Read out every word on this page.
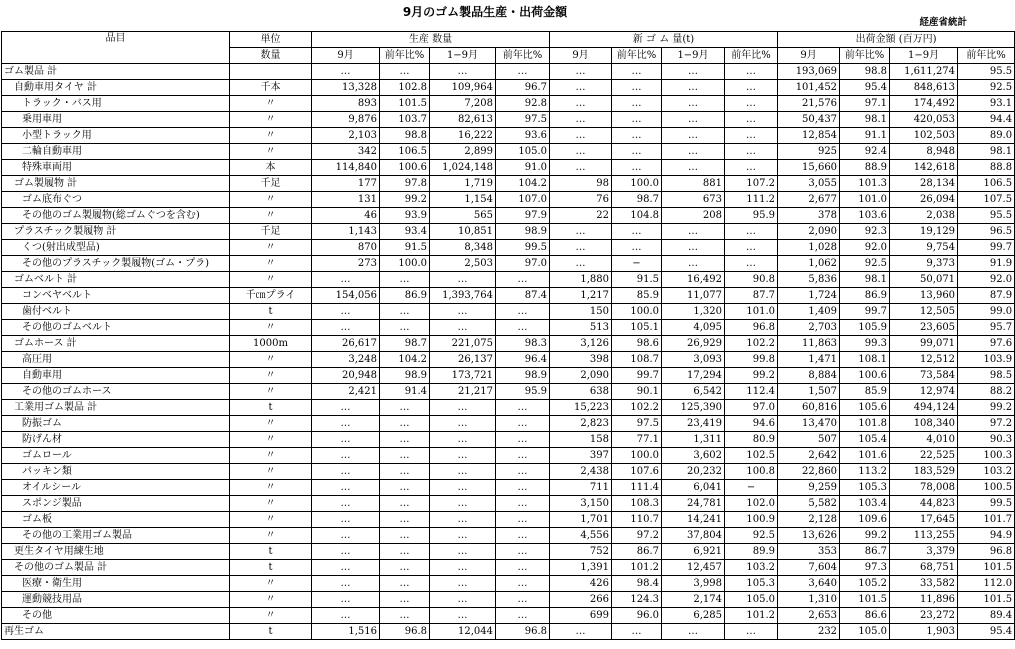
9月のゴム製品生産・出荷金額
経産省統計
品目	単位	生産 数量				新 ゴ ム 量(t)				出荷金額 (百万円)			
	数量	9月	前年比%	1−9月	前年比%	9月	前年比%	1−9月	前年比%	9月	前年比%	1−9月	前年比%
ゴム製品 計		…	…	…	…	…	…	…	…	193,069	98.8	1,611,274	95.5
自動車用タイヤ 計	千本	13,328	102.8	109,964	96.7	…	…	…	…	101,452	95.4	848,613	92.5
トラック・バス用	〃	893	101.5	7,208	92.8	…	…	…	…	21,576	97.1	174,492	93.1
乗用車用	〃	9,876	103.7	82,613	97.5	…	…	…	…	50,437	98.1	420,053	94.4
小型トラック用	〃	2,103	98.8	16,222	93.6	…	…	…	…	12,854	91.1	102,503	89.0
二輪自動車用	〃	342	106.5	2,899	105.0	…	…	…	…	925	92.4	8,948	98.1
特殊車両用	本	114,840	100.6	1,024,148	91.0	…	…	…	…	15,660	88.9	142,618	88.8
ゴム製履物 計	千足	177	97.8	1,719	104.2	98	100.0	881	107.2	3,055	101.3	28,134	106.5
ゴム底布ぐつ	〃	131	99.2	1,154	107.0	76	98.7	673	111.2	2,677	101.0	26,094	107.5
その他のゴム製履物(総ゴムぐつを含む)	〃	46	93.9	565	97.9	22	104.8	208	95.9	378	103.6	2,038	95.5
プラスチック製履物 計	千足	1,143	93.4	10,851	98.9	…	…	…	…	2,090	92.3	19,129	96.5
くつ(射出成型品)	〃	870	91.5	8,348	99.5	…	…	…	…	1,028	92.0	9,754	99.7
その他のプラスチック製履物(ゴム・プラ)	〃	273	100.0	2,503	97.0	…	−	…	…	1,062	92.5	9,373	91.9
ゴムベルト 計	〃	…	…	…	…	1,880	91.5	16,492	90.8	5,836	98.1	50,071	92.0
コンベヤベルト	千㎝プライ	154,056	86.9	1,393,764	87.4	1,217	85.9	11,077	87.7	1,724	86.9	13,960	87.9
歯付ベルト	t	…	…	…	…	150	100.0	1,320	101.0	1,409	99.7	12,505	99.0
その他のゴムベルト	〃	…	…	…	…	513	105.1	4,095	96.8	2,703	105.9	23,605	95.7
ゴムホース 計	1000m	26,617	98.7	221,075	98.3	3,126	98.6	26,929	102.2	11,863	99.3	99,071	97.6
高圧用	〃	3,248	104.2	26,137	96.4	398	108.7	3,093	99.8	1,471	108.1	12,512	103.9
自動車用	〃	20,948	98.9	173,721	98.9	2,090	99.7	17,294	99.2	8,884	100.6	73,584	98.5
その他のゴムホース	〃	2,421	91.4	21,217	95.9	638	90.1	6,542	112.4	1,507	85.9	12,974	88.2
工業用ゴム製品 計	t	…	…	…	…	15,223	102.2	125,390	97.0	60,816	105.6	494,124	99.2
防振ゴム	〃	…	…	…	…	2,823	97.5	23,419	94.6	13,470	101.8	108,340	97.2
防げん材	〃	…	…	…	…	158	77.1	1,311	80.9	507	105.4	4,010	90.3
ゴムロール	〃	…	…	…	…	397	100.0	3,602	102.5	2,642	101.6	22,525	100.3
パッキン類	〃	…	…	…	…	2,438	107.6	20,232	100.8	22,860	113.2	183,529	103.2
オイルシール	〃	…	…	…	…	711	111.4	6,041	−	9,259	105.3	78,008	100.5
スポンジ製品	〃	…	…	…	…	3,150	108.3	24,781	102.0	5,582	103.4	44,823	99.5
ゴム板	〃	…	…	…	…	1,701	110.7	14,241	100.9	2,128	109.6	17,645	101.7
その他の工業用ゴム製品	〃	…	…	…	…	4,556	97.2	37,804	92.5	13,626	99.2	113,255	94.9
更生タイヤ用練生地	t	…	…	…	…	752	86.7	6,921	89.9	353	86.7	3,379	96.8
その他のゴム製品 計	t	…	…	…	…	1,391	101.2	12,457	103.2	7,604	97.3	68,751	101.5
医療・衛生用	〃	…	…	…	…	426	98.4	3,998	105.3	3,640	105.2	33,582	112.0
運動競技用品	〃	…	…	…	…	266	124.3	2,174	105.0	1,310	101.5	11,896	101.5
その他	〃	…	…	…	…	699	96.0	6,285	101.2	2,653	86.6	23,272	89.4
再生ゴム	t	1,516	96.8	12,044	96.8	…	…	…	…	232	105.0	1,903	95.4
